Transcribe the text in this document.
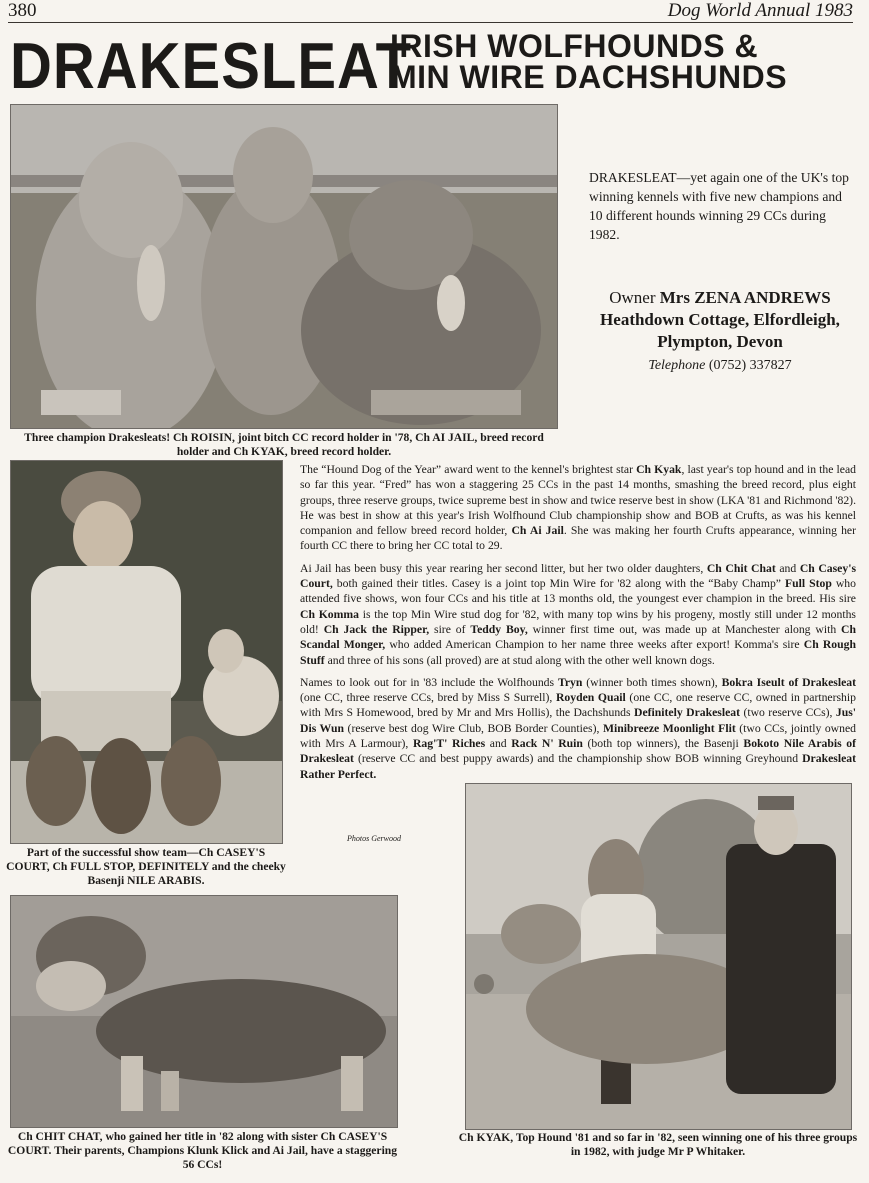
380	Dog World Annual 1983
DRAKESLEAT
IRISH WOLFHOUNDS &
MIN WIRE DACHSHUNDS
Three champion Drakesleats! Ch ROISIN, joint bitch CC record holder in '78, Ch AI JAIL, breed record holder and Ch KYAK, breed record holder.
DRAKESLEAT—yet again one of the UK's top winning kennels with five new champions and 10 different hounds winning 29 CCs during 1982.
Owner Mrs ZENA ANDREWS
Heathdown Cottage, Elfordleigh,
Plympton, Devon
Telephone (0752) 337827
Part of the successful show team—Ch CASEY'S COURT, Ch FULL STOP, DEFINITELY and the cheeky Basenji NILE ARABIS.

The “Hound Dog of the Year” award went to the kennel's brightest star Ch Kyak, last year's top hound and in the lead so far this year. “Fred” has won a staggering 25 CCs in the past 14 months, smashing the breed record, plus eight groups, three reserve groups, twice supreme best in show and twice reserve best in show (LKA '81 and Richmond '82). He was best in show at this year's Irish Wolfhound Club championship show and BOB at Crufts, as was his kennel companion and fellow breed record holder, Ch Ai Jail. She was making her fourth Crufts appearance, winning her fourth CC there to bring her CC total to 29.

Ai Jail has been busy this year rearing her second litter, but her two older daughters, Ch Chit Chat and Ch Casey's Court, both gained their titles. Casey is a joint top Min Wire for '82 along with the “Baby Champ” Full Stop who attended five shows, won four CCs and his title at 13 months old, the youngest ever champion in the breed. His sire Ch Komma is the top Min Wire stud dog for '82, with many top wins by his progeny, mostly still under 12 months old! Ch Jack the Ripper, sire of Teddy Boy, winner first time out, was made up at Manchester along with Ch Scandal Monger, who added American Champion to her name three weeks after export! Komma's sire Ch Rough Stuff and three of his sons (all proved) are at stud along with the other well known dogs.

Names to look out for in '83 include the Wolfhounds Tryn (winner both times shown), Bokra Iseult of Drakesleat (one CC, three reserve CCs, bred by Miss S Surrell), Royden Quail (one CC, one reserve CC, owned in partnership with Mrs S Homewood, bred by Mr and Mrs Hollis), the Dachshunds Definitely Drakesleat (two reserve CCs), Jus' Dis Wun (reserve best dog Wire Club, BOB Border Counties), Minibreeze Moonlight Flit (two CCs, jointly owned with Mrs A Larmour), Rag'T' Riches and Rack N' Ruin (both top winners), the Basenji Bokoto Nile Arabis of Drakesleat (reserve CC and best puppy awards) and the championship show BOB winning Greyhound Drakesleat Rather Perfect.

Photos Gerwood
Ch CHIT CHAT, who gained her title in '82 along with sister Ch CASEY'S COURT. Their parents, Champions Klunk Klick and Ai Jail, have a staggering 56 CCs!
Ch KYAK, Top Hound '81 and so far in '82, seen winning one of his three groups in 1982, with judge Mr P Whitaker.
